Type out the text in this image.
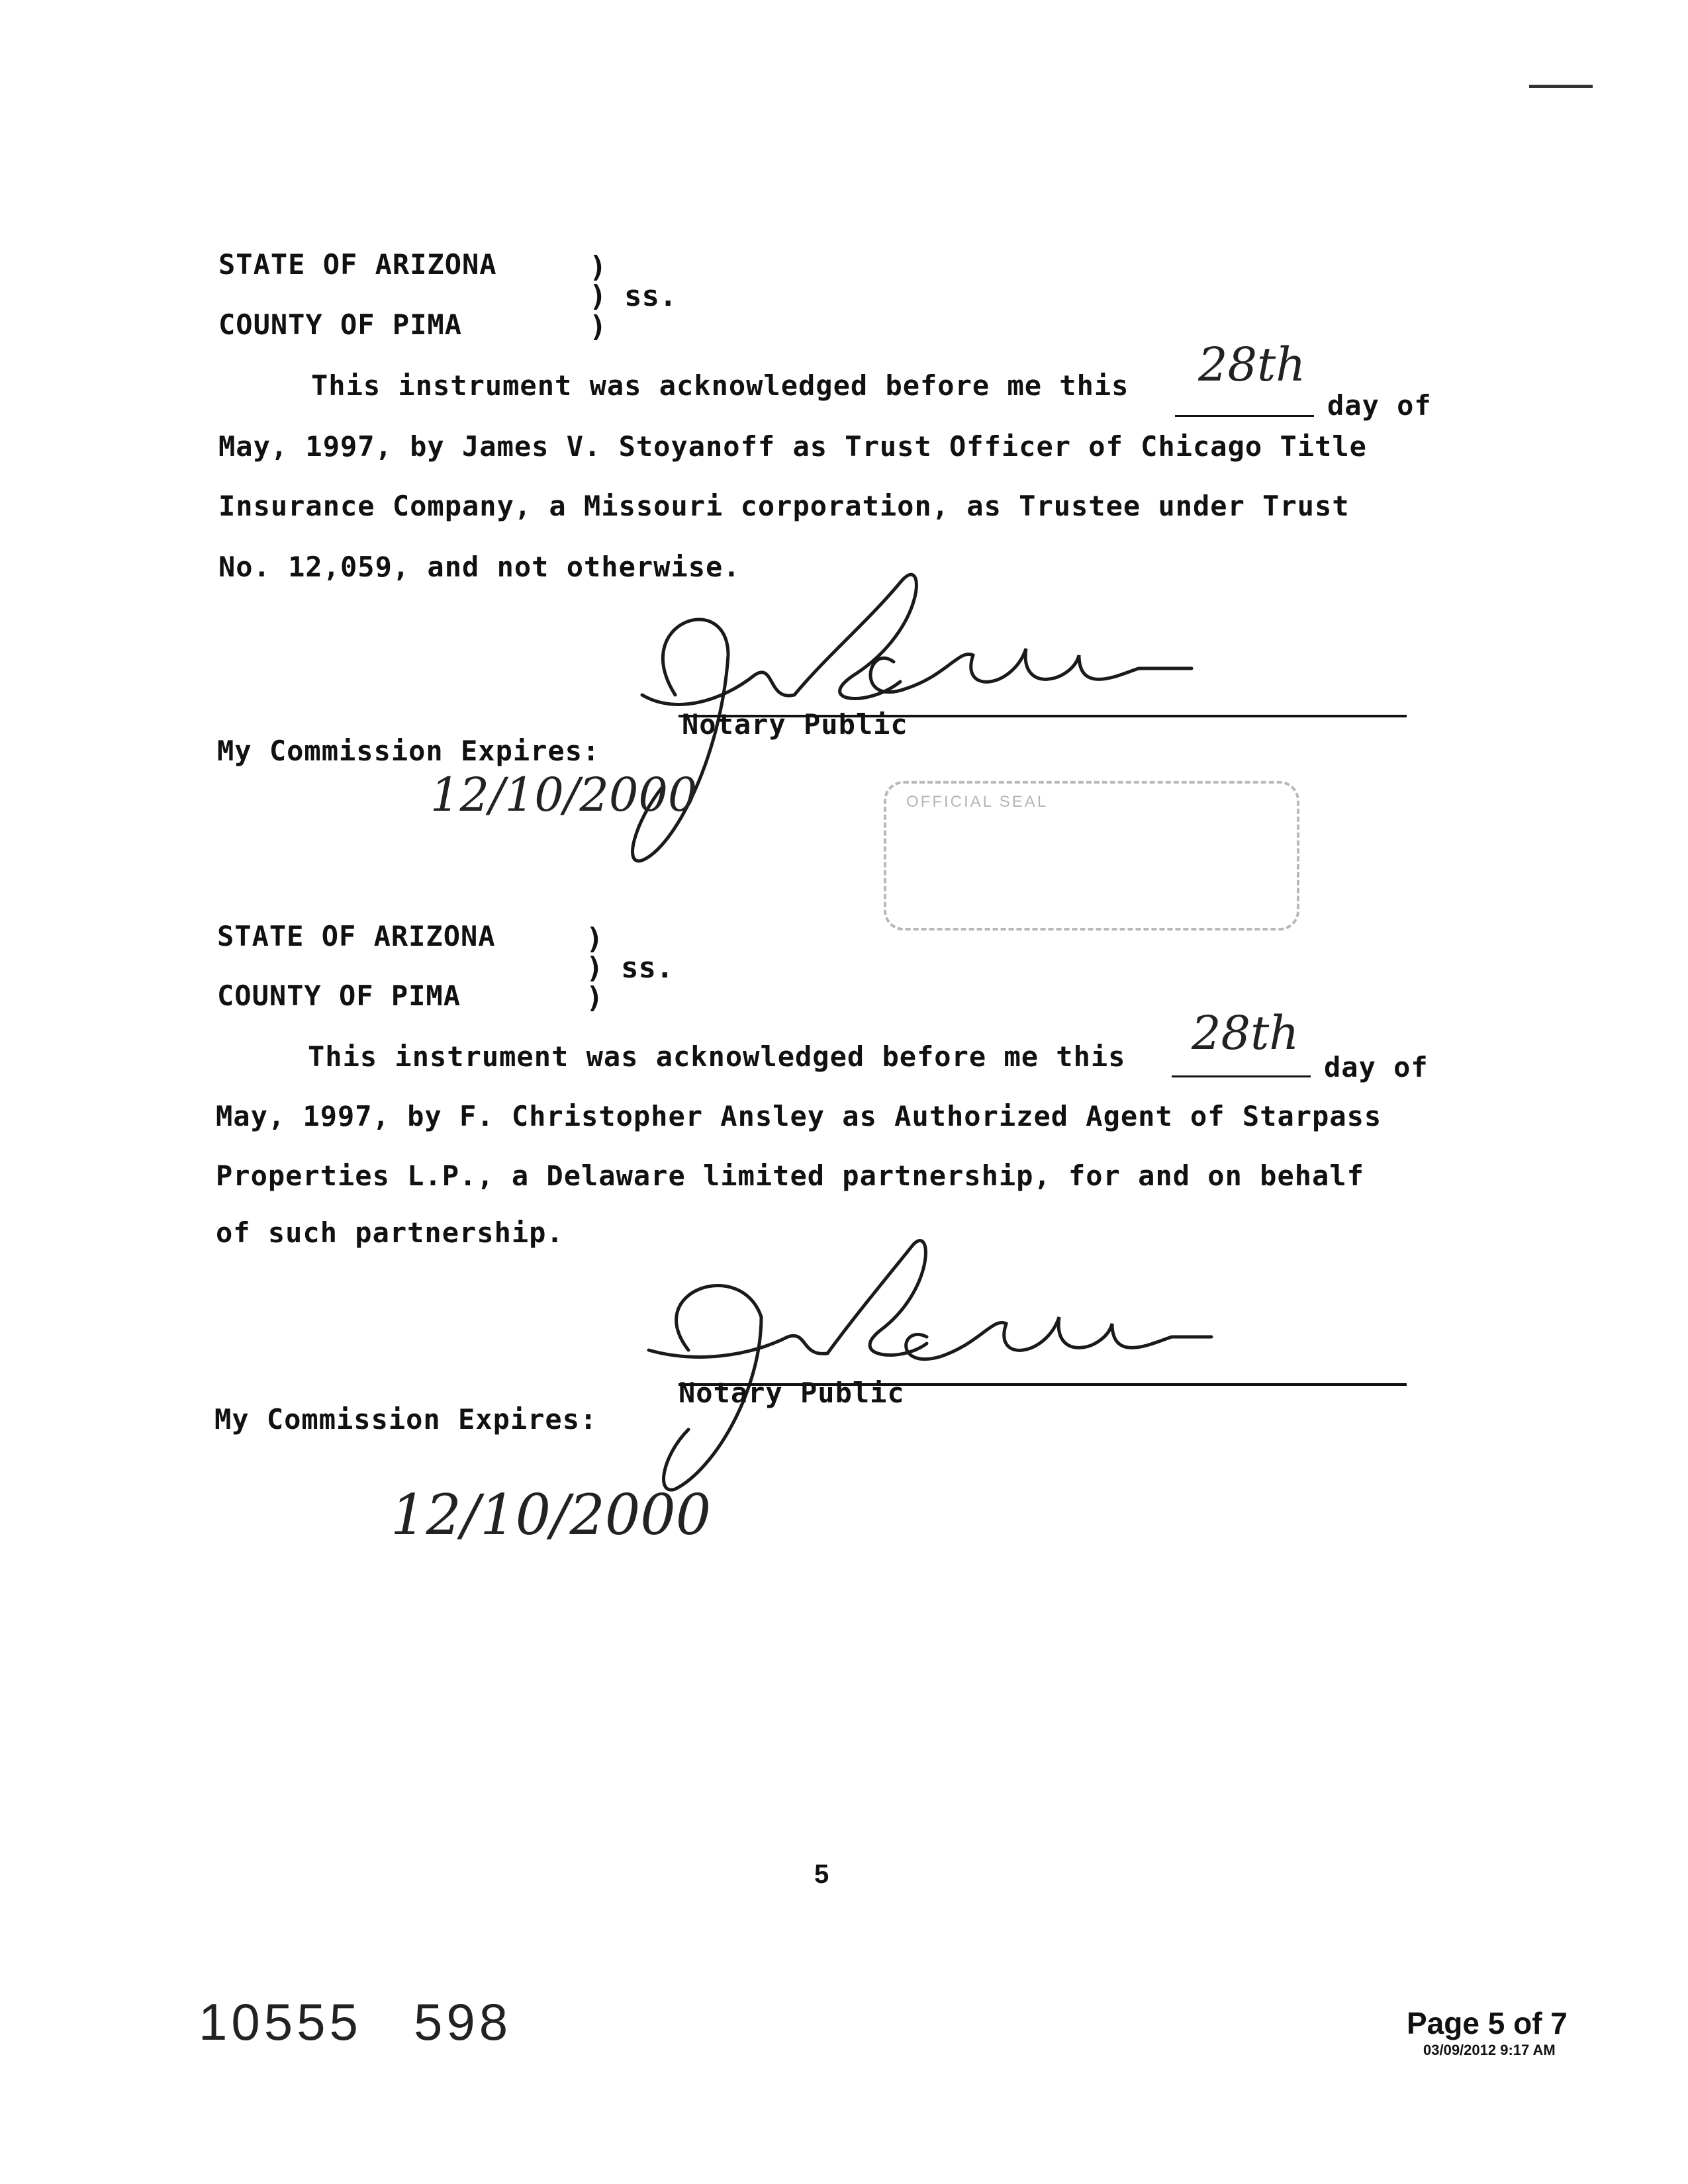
STATE OF ARIZONA	)
) ss.
COUNTY OF PIMA	)
This instrument was acknowledged before me this 28th
day of
May, 1997, by James V. Stoyanoff as Trust Officer of Chicago Title
Insurance Company, a Missouri corporation, as Trustee under Trust
No. 12,059, and not otherwise.
Notary Public
My Commission Expires:
12/10/2000	OFFICIAL SEAL
STATE OF ARIZONA	)
) ss.
COUNTY OF PIMA	)
This instrument was acknowledged before me this 28th
day of
May, 1997, by F. Christopher Ansley as Authorized Agent of Starpass
Properties L.P., a Delaware limited partnership, for and on behalf
of such partnership.
Notary Public
My Commission Expires:
12/10/2000
5
10555 598	Page 5 of 7
03/09/2012 9:17 AM
